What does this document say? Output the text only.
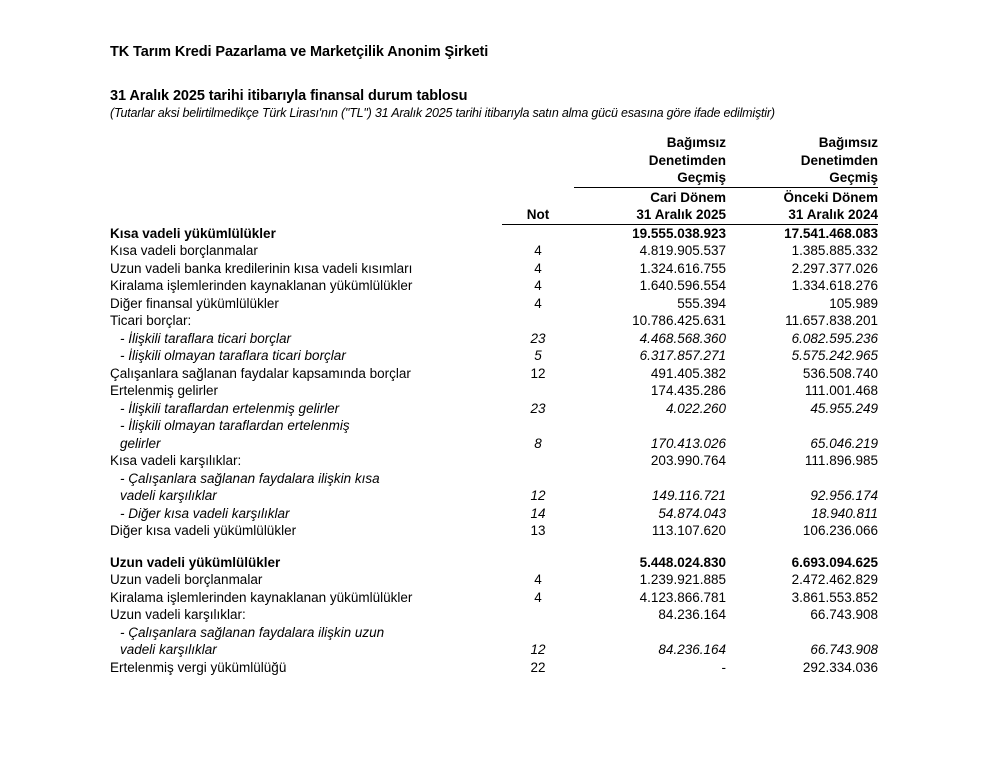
TK Tarım Kredi Pazarlama ve Marketçilik Anonim Şirketi
31 Aralık 2025 tarihi itibarıyla finansal durum tablosu
(Tutarlar aksi belirtilmedikçe Türk Lirası'nın ("TL") 31 Aralık 2025 tarihi itibarıyla satın alma gücü esasına göre ifade edilmiştir)
		Bağımsız	Bağımsız
		Denetimden	Denetimden
		Geçmiş	Geçmiş
		Cari Dönem	Önceki Dönem
	Not	31 Aralık 2025	31 Aralık 2024
Kısa vadeli yükümlülükler		19.555.038.923	17.541.468.083
Kısa vadeli borçlanmalar	4	4.819.905.537	1.385.885.332
Uzun vadeli banka kredilerinin kısa vadeli kısımları	4	1.324.616.755	2.297.377.026
Kiralama işlemlerinden kaynaklanan yükümlülükler	4	1.640.596.554	1.334.618.276
Diğer finansal yükümlülükler	4	555.394	105.989
Ticari borçlar:		10.786.425.631	11.657.838.201
- İlişkili taraflara ticari borçlar	23	4.468.568.360	6.082.595.236
- İlişkili olmayan taraflara ticari borçlar	5	6.317.857.271	5.575.242.965
Çalışanlara sağlanan faydalar kapsamında borçlar	12	491.405.382	536.508.740
Ertelenmiş gelirler		174.435.286	111.001.468
- İlişkili taraflardan ertelenmiş gelirler	23	4.022.260	45.955.249
- İlişkili olmayan taraflardan ertelenmiş
gelirler	8	170.413.026	65.046.219
Kısa vadeli karşılıklar:		203.990.764	111.896.985
- Çalışanlara sağlanan faydalara ilişkin kısa
vadeli karşılıklar	12	149.116.721	92.956.174
- Diğer kısa vadeli karşılıklar	14	54.874.043	18.940.811
Diğer kısa vadeli yükümlülükler	13	113.107.620	106.236.066

Uzun vadeli yükümlülükler		5.448.024.830	6.693.094.625
Uzun vadeli borçlanmalar	4	1.239.921.885	2.472.462.829
Kiralama işlemlerinden kaynaklanan yükümlülükler	4	4.123.866.781	3.861.553.852
Uzun vadeli karşılıklar:		84.236.164	66.743.908
- Çalışanlara sağlanan faydalara ilişkin uzun
vadeli karşılıklar	12	84.236.164	66.743.908
Ertelenmiş vergi yükümlülüğü	22	-	292.334.036
